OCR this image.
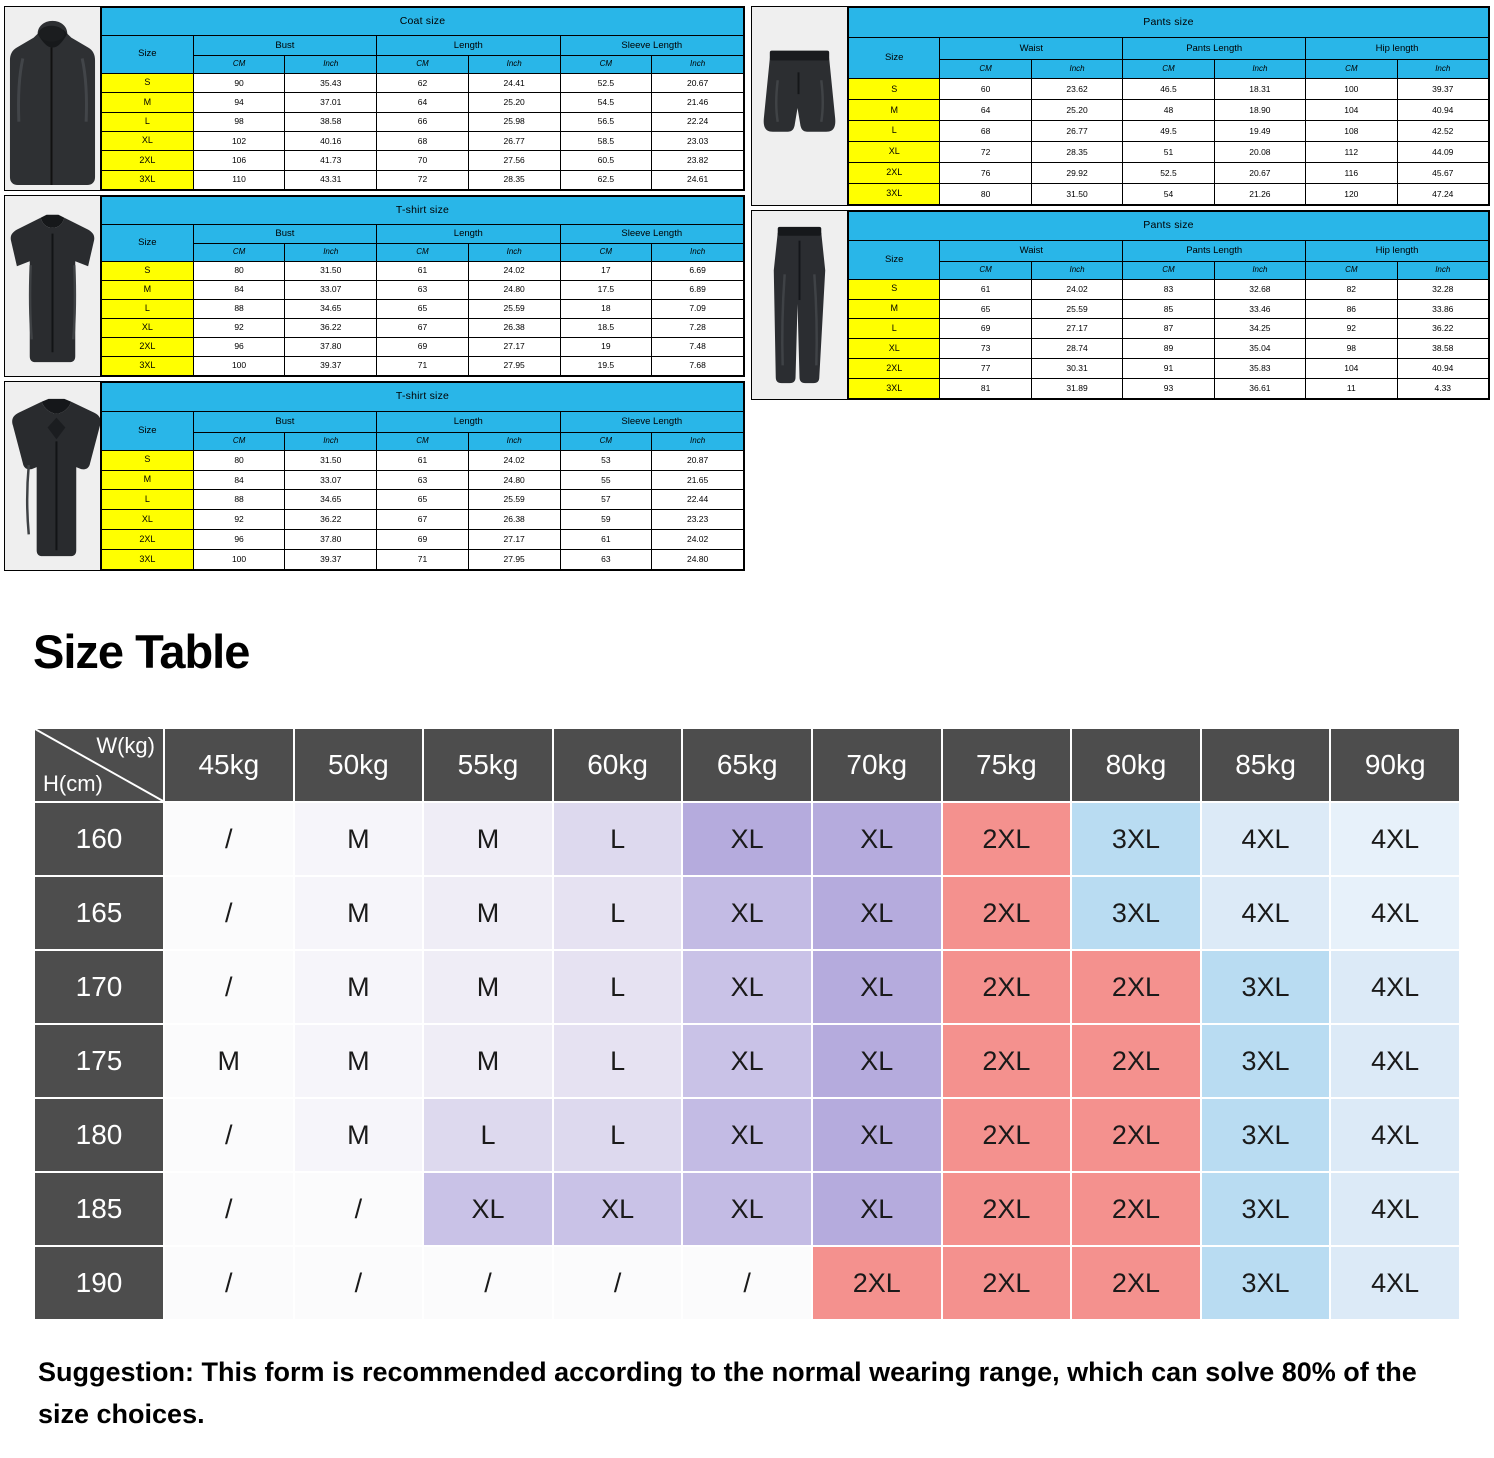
Coat size						
Size	Bust		Length		Sleeve Length	
	CM	Inch	CM	Inch	CM	Inch
S	90	35.43	62	24.41	52.5	20.67
M	94	37.01	64	25.20	54.5	21.46
L	98	38.58	66	25.98	56.5	22.24
XL	102	40.16	68	26.77	58.5	23.03
2XL	106	41.73	70	27.56	60.5	23.82
3XL	110	43.31	72	28.35	62.5	24.61
T-shirt size						
Size	Bust		Length		Sleeve Length	
	CM	Inch	CM	Inch	CM	Inch
S	80	31.50	61	24.02	17	6.69
M	84	33.07	63	24.80	17.5	6.89
L	88	34.65	65	25.59	18	7.09
XL	92	36.22	67	26.38	18.5	7.28
2XL	96	37.80	69	27.17	19	7.48
3XL	100	39.37	71	27.95	19.5	7.68
T-shirt size						
Size	Bust		Length		Sleeve Length	
	CM	Inch	CM	Inch	CM	Inch
S	80	31.50	61	24.02	53	20.87
M	84	33.07	63	24.80	55	21.65
L	88	34.65	65	25.59	57	22.44
XL	92	36.22	67	26.38	59	23.23
2XL	96	37.80	69	27.17	61	24.02
3XL	100	39.37	71	27.95	63	24.80
Pants size						
Size	Waist		Pants Length		Hip length	
	CM	Inch	CM	Inch	CM	Inch
S	60	23.62	46.5	18.31	100	39.37
M	64	25.20	48	18.90	104	40.94
L	68	26.77	49.5	19.49	108	42.52
XL	72	28.35	51	20.08	112	44.09
2XL	76	29.92	52.5	20.67	116	45.67
3XL	80	31.50	54	21.26	120	47.24
Pants size						
Size	Waist		Pants Length		Hip length	
	CM	Inch	CM	Inch	CM	Inch
S	61	24.02	83	32.68	82	32.28
M	65	25.59	85	33.46	86	33.86
L	69	27.17	87	34.25	92	36.22
XL	73	28.74	89	35.04	98	38.58
2XL	77	30.31	91	35.83	104	40.94
3XL	81	31.89	93	36.61	11	4.33
Size Table
W(kg)
H(cm)	45kg	50kg	55kg	60kg	65kg	70kg	75kg	80kg	85kg	90kg
160	/	M	M	L	XL	XL	2XL	3XL	4XL	4XL
165	/	M	M	L	XL	XL	2XL	3XL	4XL	4XL
170	/	M	M	L	XL	XL	2XL	2XL	3XL	4XL
175	M	M	M	L	XL	XL	2XL	2XL	3XL	4XL
180	/	M	L	L	XL	XL	2XL	2XL	3XL	4XL
185	/	/	XL	XL	XL	XL	2XL	2XL	3XL	4XL
190	/	/	/	/	/	2XL	2XL	2XL	3XL	4XL
Suggestion: This form is recommended according to the normal wearing range, which can solve 80% of the size choices.
